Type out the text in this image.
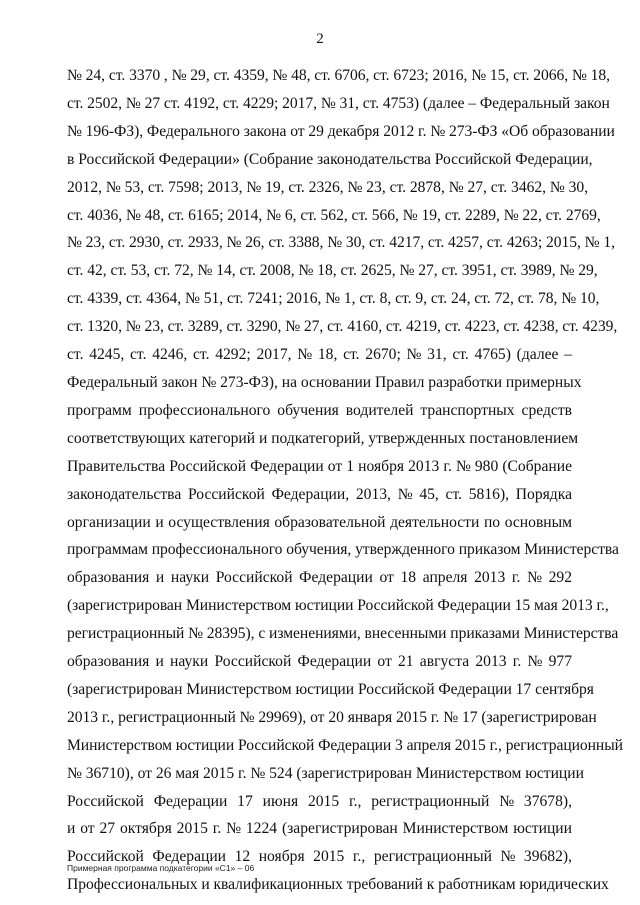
2
№ 24, ст. 3370 , № 29, ст. 4359, № 48, ст. 6706, ст. 6723; 2016, № 15, ст. 2066, № 18,
ст. 2502, № 27 ст. 4192, ст. 4229; 2017, № 31, ст. 4753) (далее – Федеральный закон
№ 196-ФЗ), Федерального закона от 29 декабря 2012 г. № 273-ФЗ «Об образовании
в Российской Федерации» (Собрание законодательства Российской Федерации,
2012, № 53, ст. 7598; 2013, № 19, ст. 2326, № 23, ст. 2878, № 27, ст. 3462, № 30,
ст. 4036, № 48, ст. 6165; 2014, № 6, ст. 562, ст. 566, № 19, ст. 2289, № 22, ст. 2769,
№ 23, ст. 2930, ст. 2933, № 26, ст. 3388, № 30, ст. 4217, ст. 4257, ст. 4263; 2015, № 1,
ст. 42, ст. 53, ст. 72, № 14, ст. 2008, № 18, ст. 2625, № 27, ст. 3951, ст. 3989, № 29,
ст. 4339, ст. 4364, № 51, ст. 7241; 2016, № 1, ст. 8, ст. 9, ст. 24, ст. 72, ст. 78, № 10,
ст. 1320, № 23, ст. 3289, ст. 3290, № 27, ст. 4160, ст. 4219, ст. 4223, ст. 4238, ст. 4239,
ст. 4245, ст. 4246, ст. 4292; 2017, № 18, ст. 2670; № 31, ст. 4765) (далее –
Федеральный закон № 273-ФЗ), на основании Правил разработки примерных
программ профессионального обучения водителей транспортных средств
соответствующих категорий и подкатегорий, утвержденных постановлением
Правительства Российской Федерации от 1 ноября 2013 г. № 980 (Собрание
законодательства Российской Федерации, 2013, № 45, ст. 5816), Порядка
организации и осуществления образовательной деятельности по основным
программам профессионального обучения, утвержденного приказом Министерства
образования и науки Российской Федерации от 18 апреля 2013 г. № 292
(зарегистрирован Министерством юстиции Российской Федерации 15 мая 2013 г.,
регистрационный № 28395), с изменениями, внесенными приказами Министерства
образования и науки Российской Федерации от 21 августа 2013 г. № 977
(зарегистрирован Министерством юстиции Российской Федерации 17 сентября
2013 г., регистрационный № 29969), от 20 января 2015 г. № 17 (зарегистрирован
Министерством юстиции Российской Федерации 3 апреля 2015 г., регистрационный
№ 36710), от 26 мая 2015 г. № 524 (зарегистрирован Министерством юстиции
Российской Федерации 17 июня 2015 г., регистрационный № 37678),
и от 27 октября 2015 г. № 1224 (зарегистрирован Министерством юстиции
Российской Федерации 12 ноября 2015 г., регистрационный № 39682),
Профессиональных и квалификационных требований к работникам юридических
Примерная программа подкатегории «С1» – 06
